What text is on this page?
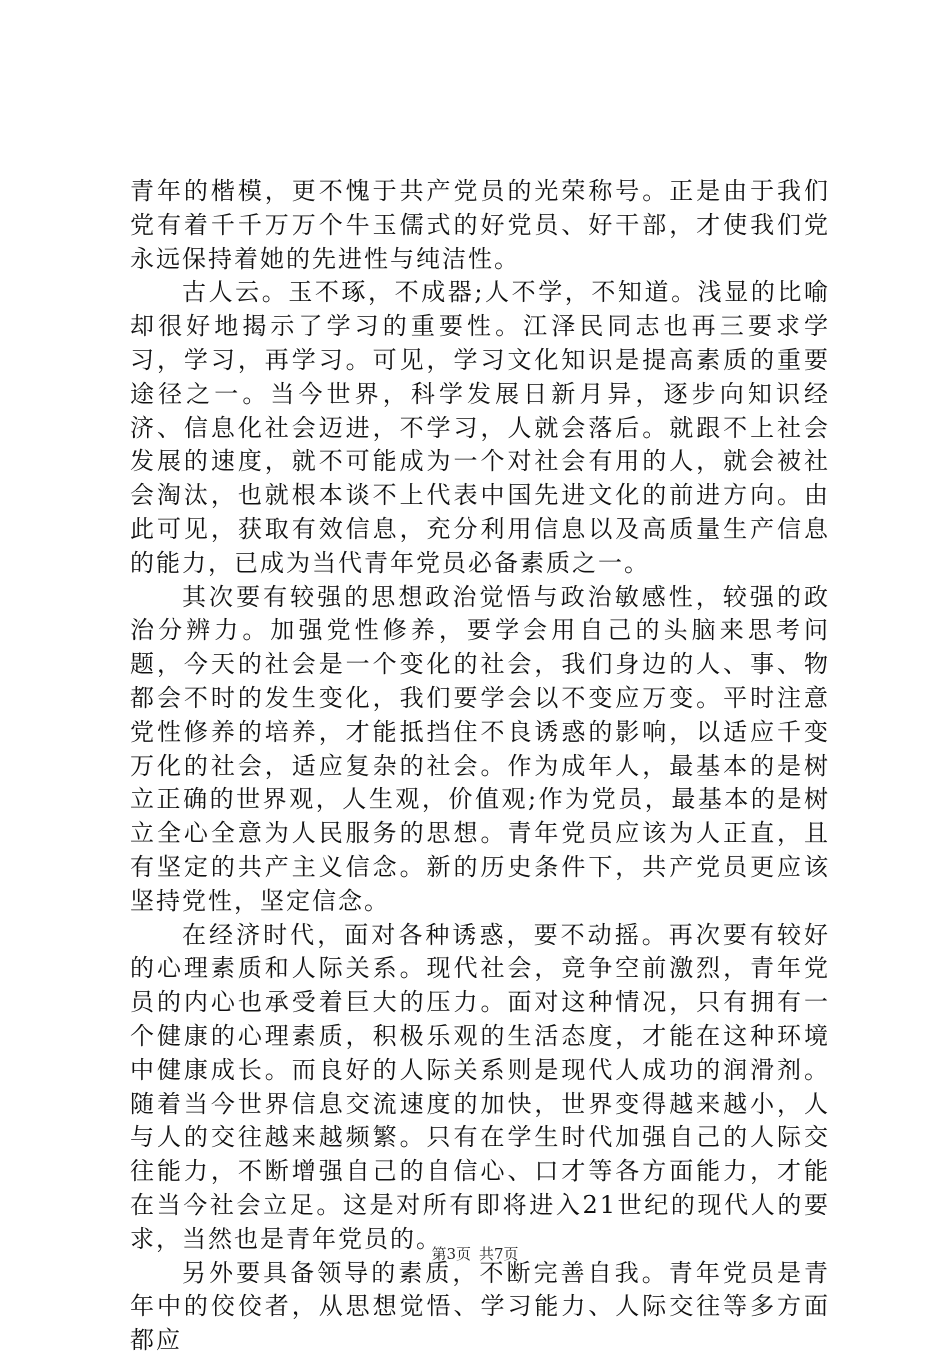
青年的楷模，更不愧于共产党员的光荣称号。正是由于我们党有着千千万万个牛玉儒式的好党员、好干部，才使我们党永远保持着她的先进性与纯洁性。

古人云。玉不琢，不成器;人不学，不知道。浅显的比喻却很好地揭示了学习的重要性。江泽民同志也再三要求学习，学习，再学习。可见，学习文化知识是提高素质的重要途径之一。当今世界，科学发展日新月异，逐步向知识经济、信息化社会迈进，不学习，人就会落后。就跟不上社会发展的速度，就不可能成为一个对社会有用的人，就会被社会淘汰，也就根本谈不上代表中国先进文化的前进方向。由此可见，获取有效信息，充分利用信息以及高质量生产信息的能力，已成为当代青年党员必备素质之一。

其次要有较强的思想政治觉悟与政治敏感性，较强的政治分辨力。加强党性修养，要学会用自己的头脑来思考问题，今天的社会是一个变化的社会，我们身边的人、事、物都会不时的发生变化，我们要学会以不变应万变。平时注意党性修养的培养，才能抵挡住不良诱惑的影响，以适应千变万化的社会，适应复杂的社会。作为成年人，最基本的是树立正确的世界观，人生观，价值观;作为党员，最基本的是树立全心全意为人民服务的思想。青年党员应该为人正直，且有坚定的共产主义信念。新的历史条件下，共产党员更应该坚持党性，坚定信念。

在经济时代，面对各种诱惑，要不动摇。再次要有较好的心理素质和人际关系。现代社会，竞争空前激烈，青年党员的内心也承受着巨大的压力。面对这种情况，只有拥有一个健康的心理素质，积极乐观的生活态度，才能在这种环境中健康成长。而良好的人际关系则是现代人成功的润滑剂。随着当今世界信息交流速度的加快，世界变得越来越小，人与人的交往越来越频繁。只有在学生时代加强自己的人际交往能力，不断增强自己的自信心、口才等各方面能力，才能在当今社会立足。这是对所有即将进入21世纪的现代人的要求，当然也是青年党员的。

另外要具备领导的素质，不断完善自我。青年党员是青年中的佼佼者，从思想觉悟、学习能力、人际交往等多方面都应

第3页 共7页
